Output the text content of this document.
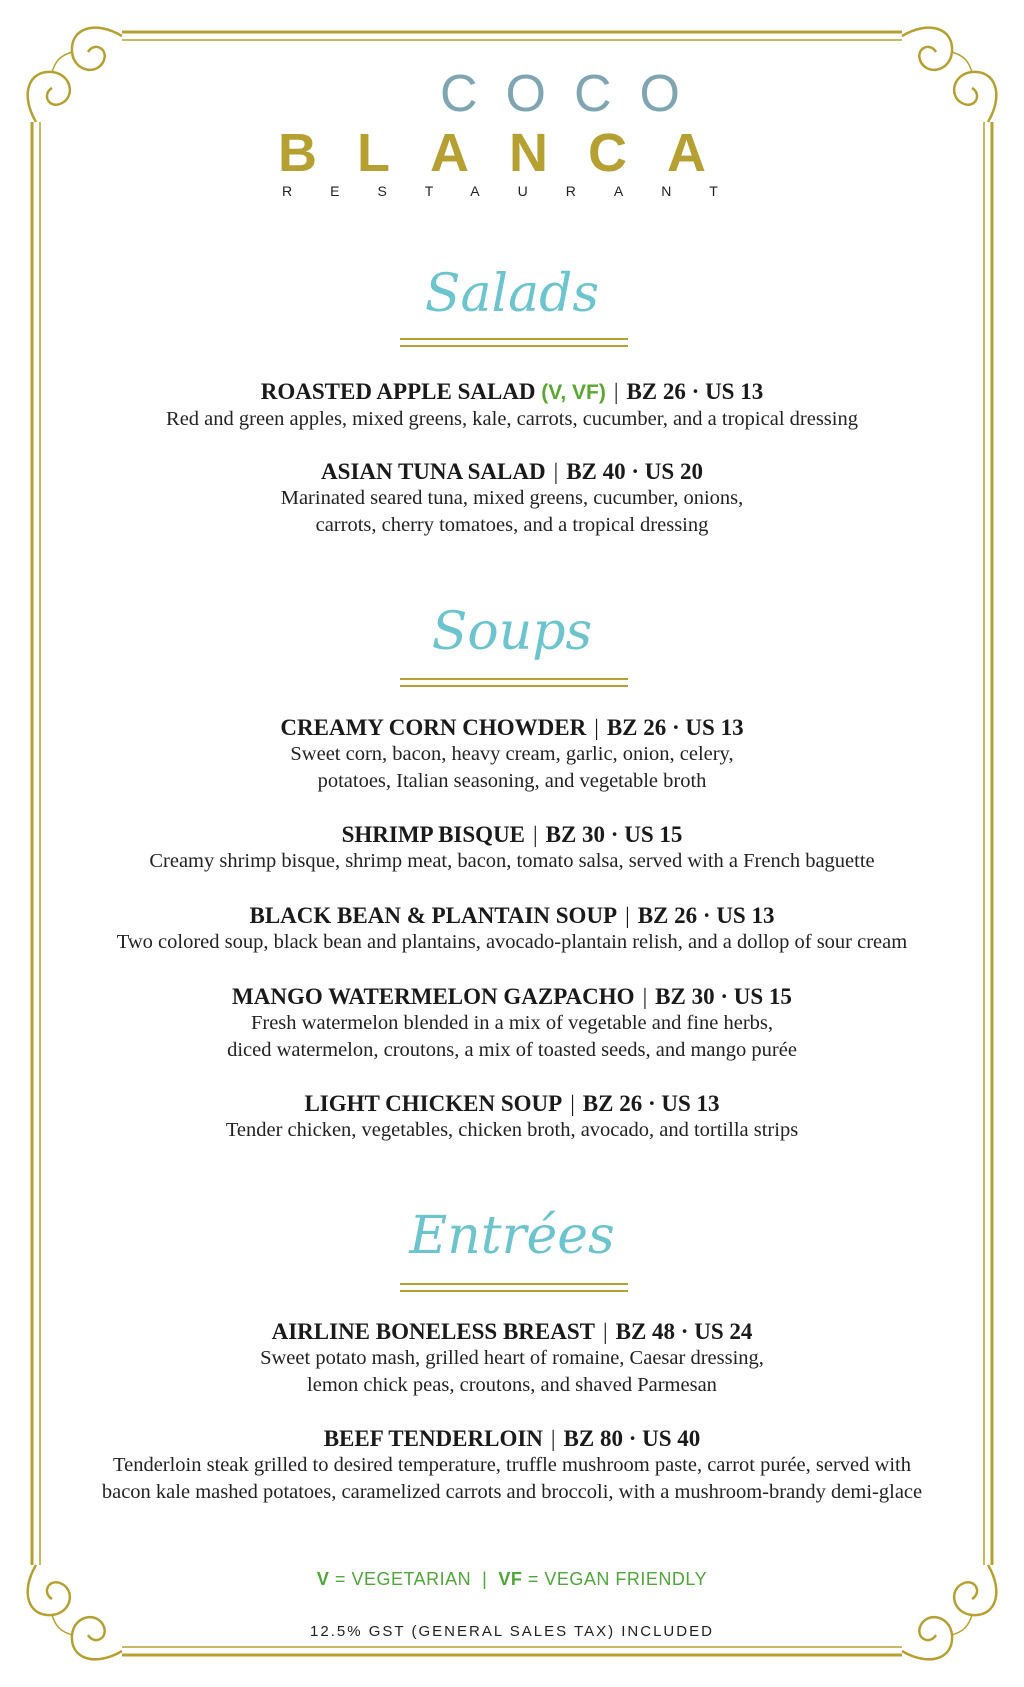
COCO
BLANCA
RESTAURANT
Salads
ROASTED APPLE SALAD (V, VF) | BZ 26 · US 13
Red and green apples, mixed greens, kale, carrots, cucumber, and a tropical dressing
ASIAN TUNA SALAD | BZ 40 · US 20
Marinated seared tuna, mixed greens, cucumber, onions,
carrots, cherry tomatoes, and a tropical dressing
Soups
CREAMY CORN CHOWDER | BZ 26 · US 13
Sweet corn, bacon, heavy cream, garlic, onion, celery,
potatoes, Italian seasoning, and vegetable broth
SHRIMP BISQUE | BZ 30 · US 15
Creamy shrimp bisque, shrimp meat, bacon, tomato salsa, served with a French baguette
BLACK BEAN & PLANTAIN SOUP | BZ 26 · US 13
Two colored soup, black bean and plantains, avocado-plantain relish, and a dollop of sour cream
MANGO WATERMELON GAZPACHO | BZ 30 · US 15
Fresh watermelon blended in a mix of vegetable and fine herbs,
diced watermelon, croutons, a mix of toasted seeds, and mango purée
LIGHT CHICKEN SOUP | BZ 26 · US 13
Tender chicken, vegetables, chicken broth, avocado, and tortilla strips
Entrées
AIRLINE BONELESS BREAST | BZ 48 · US 24
Sweet potato mash, grilled heart of romaine, Caesar dressing,
lemon chick peas, croutons, and shaved Parmesan
BEEF TENDERLOIN | BZ 80 · US 40
Tenderloin steak grilled to desired temperature, truffle mushroom paste, carrot purée, served with
bacon kale mashed potatoes, caramelized carrots and broccoli, with a mushroom-brandy demi-glace
V = VEGETARIAN | VF = VEGAN FRIENDLY
12.5% GST (GENERAL SALES TAX) INCLUDED
